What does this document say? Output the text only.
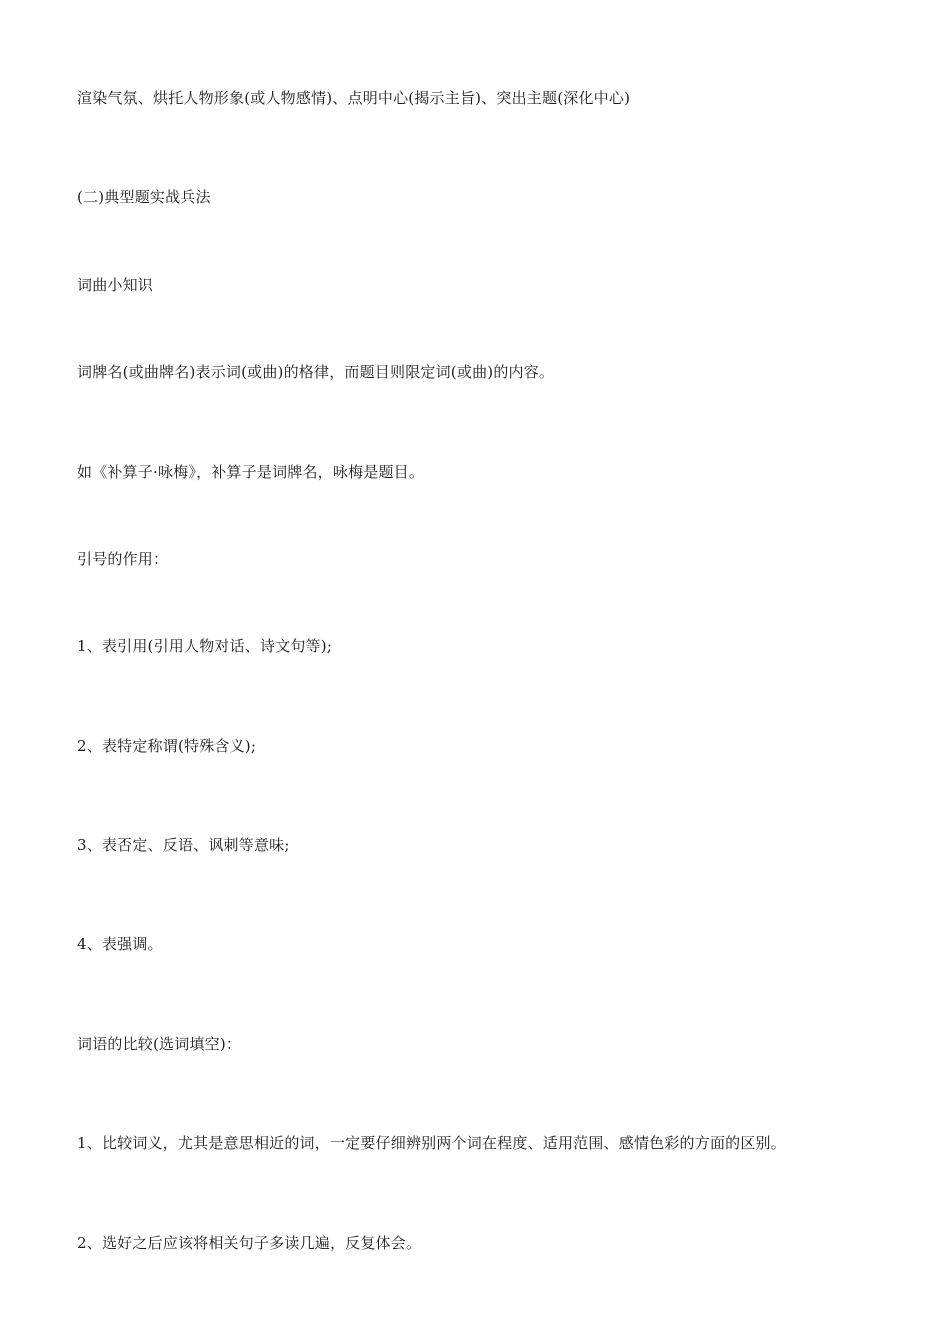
渲染气氛、烘托人物形象(或人物感情)、点明中心(揭示主旨)、突出主题(深化中心)
(二)典型题实战兵法
词曲小知识
词牌名(或曲牌名)表示词(或曲)的格律，而题目则限定词(或曲)的内容。
如《补算子·咏梅》，补算子是词牌名，咏梅是题目。
引号的作用：
1、表引用(引用人物对话、诗文句等);
2、表特定称谓(特殊含义);
3、表否定、反语、讽刺等意味;
4、表强调。
词语的比较(选词填空)：
1、比较词义，尤其是意思相近的词，一定要仔细辨别两个词在程度、适用范围、感情色彩的方面的区别。
2、选好之后应该将相关句子多读几遍，反复体会。
